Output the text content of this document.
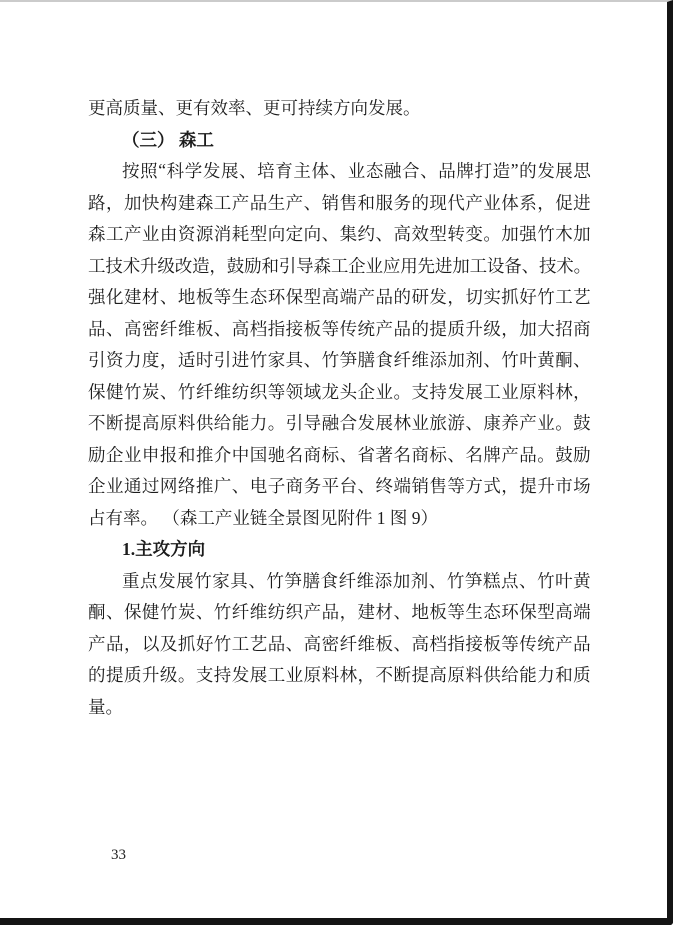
更高质量、更有效率、更可持续方向发展。
（三） 森工
按 照 “ 科 学 发 展 、 培 育 主 体 、 业 态 融 合 、 品 牌 打 造 ” 的 发 展 思
路 ， 加 快 构 建 森 工 产 品 生 产 、 销 售 和 服 务 的 现 代 产 业 体 系 ， 促 进
森 工 产 业 由 资 源 消 耗 型 向 定 向 、 集 约 、 高 效 型 转 变 。 加 强 竹 木 加
工 技 术 升 级 改 造 ， 鼓 励 和 引 导 森 工 企 业 应 用 先 进 加 工 设 备 、 技 术 。
强 化 建 材 、 地 板 等 生 态 环 保 型 高 端 产 品 的 研 发 ， 切 实 抓 好 竹 工 艺
品 、 高 密 纤 维 板 、 高 档 指 接 板 等 传 统 产 品 的 提 质 升 级 ， 加 大 招 商
引 资 力 度 ， 适 时 引 进 竹 家 具 、 竹 笋 膳 食 纤 维 添 加 剂 、 竹 叶 黄 酮 、
保 健 竹 炭 、 竹 纤 维 纺 织 等 领 域 龙 头 企 业 。 支 持 发 展 工 业 原 料 林 ，
不 断 提 高 原 料 供 给 能 力 。 引 导 融 合 发 展 林 业 旅 游 、 康 养 产 业 。 鼓
励 企 业 申 报 和 推 介 中 国 驰 名 商 标 、 省 著 名 商 标 、 名 牌 产 品 。 鼓 励
企 业 通 过 网 络 推 广 、 电 子 商 务 平 台 、 终 端 销 售 等 方 式 ， 提 升 市 场
占有率。 （森工产业链全景图见附件 1 图 9）
1.主攻方向
重 点 发 展 竹 家 具 、 竹 笋 膳 食 纤 维 添 加 剂 、 竹 笋 糕 点 、 竹 叶 黄
酮 、 保 健 竹 炭 、 竹 纤 维 纺 织 产 品 ， 建 材 、 地 板 等 生 态 环 保 型 高 端
产 品 ， 以 及 抓 好 竹 工 艺 品 、 高 密 纤 维 板 、 高 档 指 接 板 等 传 统 产 品
的 提 质 升 级 。 支 持 发 展 工 业 原 料 林 ， 不 断 提 高 原 料 供 给 能 力 和 质
量。
33
